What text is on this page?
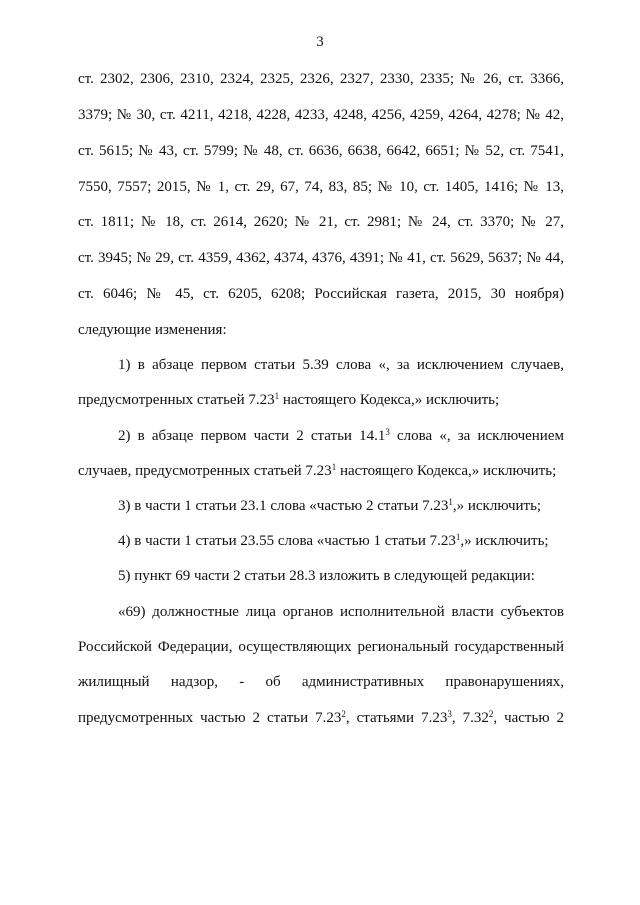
3
ст. 2302, 2306, 2310, 2324, 2325, 2326, 2327, 2330, 2335; № 26, ст. 3366,
3379; № 30, ст. 4211, 4218, 4228, 4233, 4248, 4256, 4259, 4264, 4278; № 42,
ст. 5615; № 43, ст. 5799; № 48, ст. 6636, 6638, 6642, 6651; № 52, ст. 7541,
7550, 7557; 2015, № 1, ст. 29, 67, 74, 83, 85; № 10, ст. 1405, 1416; № 13,
ст. 1811; № 18, ст. 2614, 2620; № 21, ст. 2981; № 24, ст. 3370; № 27,
ст. 3945; № 29, ст. 4359, 4362, 4374, 4376, 4391; № 41, ст. 5629, 5637; № 44,
ст. 6046; № 45, ст. 6205, 6208; Российская газета, 2015, 30 ноября)
следующие изменения:
1) в абзаце первом статьи 5.39 слова «, за исключением случаев,
предусмотренных статьей 7.23$^1$ настоящего Кодекса,» исключить;
2) в абзаце первом части 2 статьи 14.1$^3$ слова «, за исключением
случаев, предусмотренных статьей 7.23$^1$ настоящего Кодекса,» исключить;
3) в части 1 статьи 23.1 слова «частью 2 статьи 7.23$^1$,» исключить;
4) в части 1 статьи 23.55 слова «частью 1 статьи 7.23$^1$,» исключить;
5) пункт 69 части 2 статьи 28.3 изложить в следующей редакции:
«69) должностные лица органов исполнительной власти субъектов
Российской Федерации, осуществляющих региональный государственный
жилищный надзор, - об административных правонарушениях,
предусмотренных частью 2 статьи 7.23$^2$, статьями 7.23$^3$, 7.32$^2$, частью 2
